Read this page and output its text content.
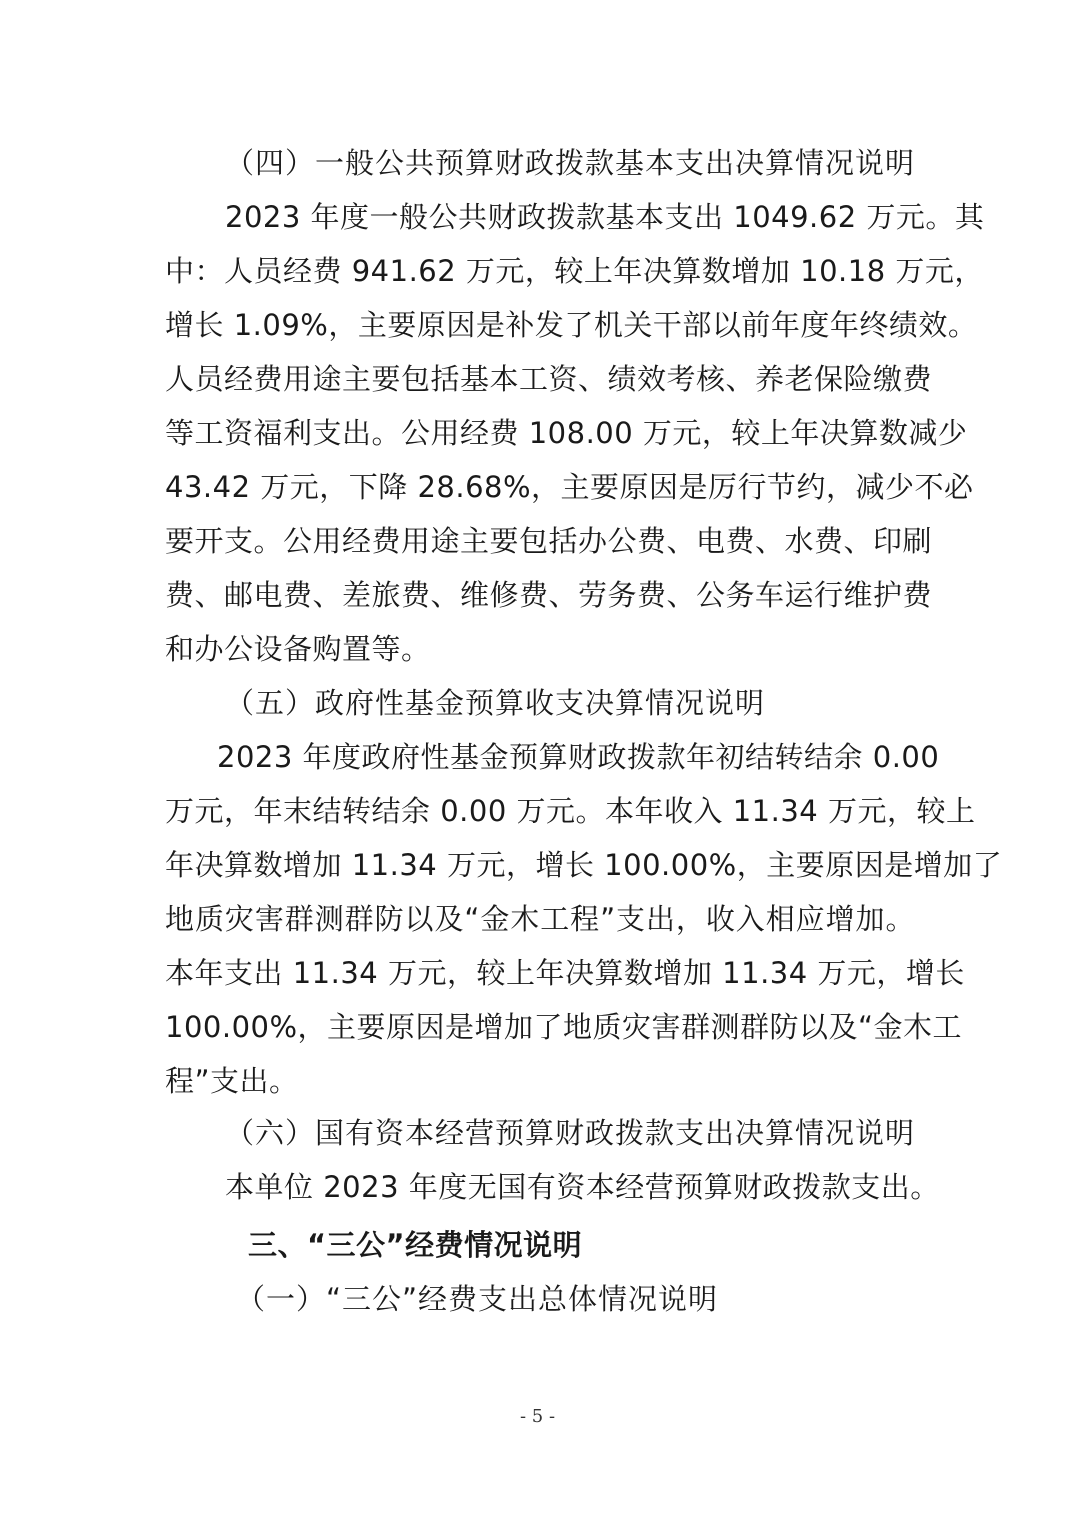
（四）一般公共预算财政拨款基本支出决算情况说明
2023 年度一般公共财政拨款基本支出 1049.62 万元。其
中：人员经费 941.62 万元，较上年决算数增加 10.18 万元，
增长 1.09%，主要原因是补发了机关干部以前年度年终绩效。
人员经费用途主要包括基本工资、绩效考核、养老保险缴费
等工资福利支出。公用经费 108.00 万元，较上年决算数减少
43.42 万元，下降 28.68%，主要原因是厉行节约，减少不必
要开支。公用经费用途主要包括办公费、电费、水费、印刷
费、邮电费、差旅费、维修费、劳务费、公务车运行维护费
和办公设备购置等。
（五）政府性基金预算收支决算情况说明
2023 年度政府性基金预算财政拨款年初结转结余 0.00
万元，年末结转结余 0.00 万元。本年收入 11.34 万元，较上
年决算数增加 11.34 万元，增长 100.00%，主要原因是增加了
地质灾害群测群防以及“金木工程”支出，收入相应增加。
本年支出 11.34 万元，较上年决算数增加 11.34 万元，增长
100.00%，主要原因是增加了地质灾害群测群防以及“金木工
程”支出。
（六）国有资本经营预算财政拨款支出决算情况说明
本单位 2023 年度无国有资本经营预算财政拨款支出。
三、“三公”经费情况说明
（一）“三公”经费支出总体情况说明
- 5 -
